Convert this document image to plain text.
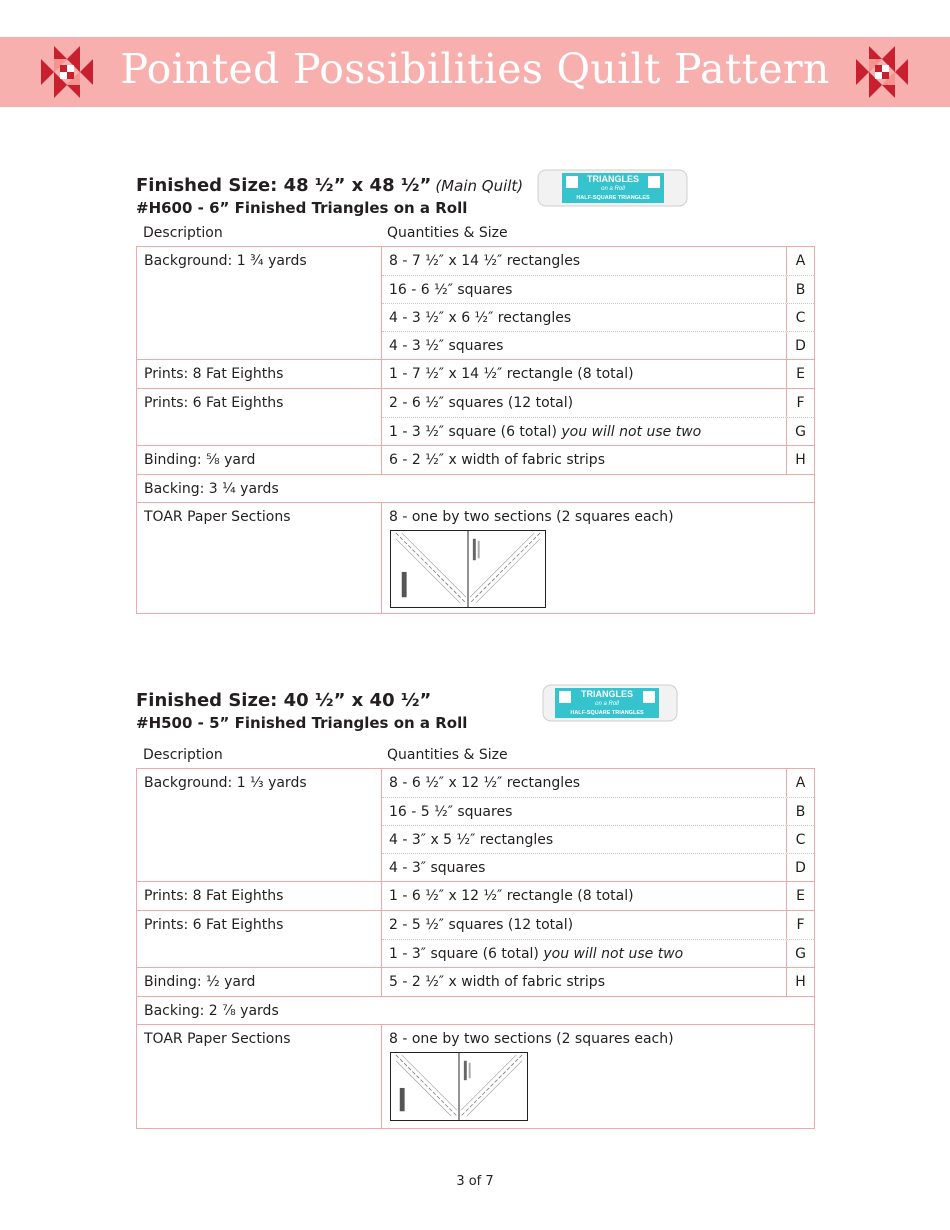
Pointed Possibilities Quilt Pattern
Finished Size: 48 ½” x 48 ½” (Main Quilt)
#H600 - 6” Finished Triangles on a Roll
TRIANGLES
on a Roll
HALF-SQUARE TRIANGLES
Description	Quantities & Size
Background: 1 ¾ yards	8 - 7 ½″ x 14 ½″ rectangles	A
16 - 6 ½″ squares	B
4 - 3 ½″ x 6 ½″ rectangles	C
4 - 3 ½″ squares	D
Prints: 8 Fat Eighths	1 - 7 ½″ x 14 ½″ rectangle (8 total)	E
Prints: 6 Fat Eighths	2 - 6 ½″ squares (12 total)	F
1 - 3 ½″ square (6 total) you will not use two	G
Binding: ⅝ yard	6 - 2 ½″ x width of fabric strips	H
Backing: 3 ¼ yards
TOAR Paper Sections	8 - one by two sections (2 squares each)
Finished Size: 40 ½” x 40 ½”
#H500 - 5” Finished Triangles on a Roll
TRIANGLES
on a Roll
HALF-SQUARE TRIANGLES
Description	Quantities & Size
Background: 1 ⅓ yards	8 - 6 ½″ x 12 ½″ rectangles	A
16 - 5 ½″ squares	B
4 - 3″ x 5 ½″ rectangles	C
4 - 3″ squares	D
Prints: 8 Fat Eighths	1 - 6 ½″ x 12 ½″ rectangle (8 total)	E
Prints: 6 Fat Eighths	2 - 5 ½″ squares (12 total)	F
1 - 3″ square (6 total) you will not use two	G
Binding: ½ yard	5 - 2 ½″ x width of fabric strips	H
Backing: 2 ⅞ yards
TOAR Paper Sections	8 - one by two sections (2 squares each)
3 of 7
